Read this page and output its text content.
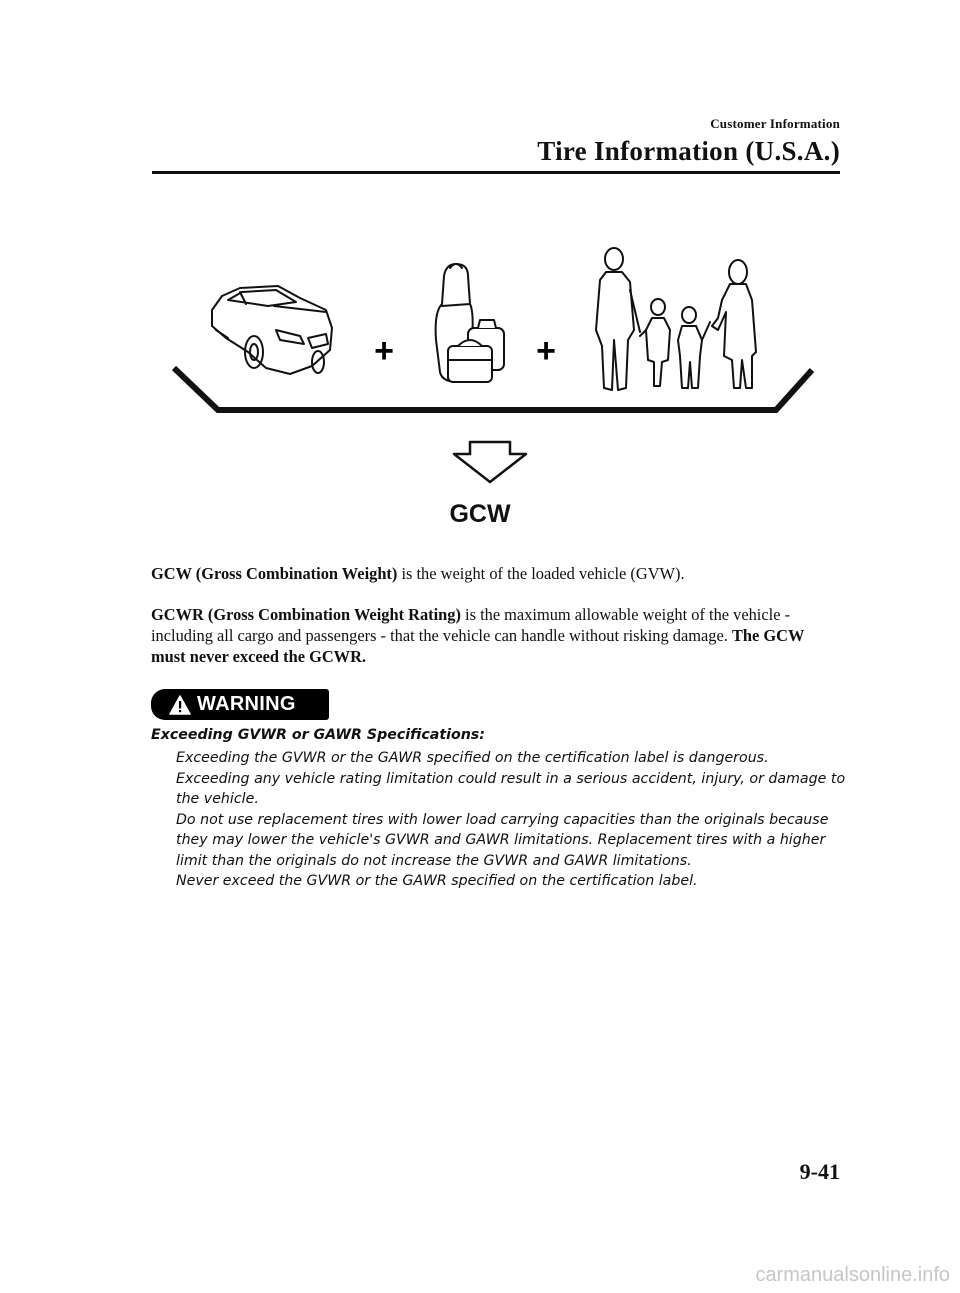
Customer Information
Tire Information (U.S.A.)
+	+
GCW
GCW (Gross Combination Weight) is the weight of the loaded vehicle (GVW).
GCWR (Gross Combination Weight Rating) is the maximum allowable weight of the vehicle - including all cargo and passengers - that the vehicle can handle without risking damage. The GCW must never exceed the GCWR.
WARNING
Exceeding GVWR or GAWR Specifications:

Exceeding the GVWR or the GAWR specified on the certification label is dangerous. Exceeding any vehicle rating limitation could result in a serious accident, injury, or damage to the vehicle.

Do not use replacement tires with lower load carrying capacities than the originals because they may lower the vehicle's GVWR and GAWR limitations. Replacement tires with a higher limit than the originals do not increase the GVWR and GAWR limitations.

Never exceed the GVWR or the GAWR specified on the certification label.

9-41
carmanualsonline.info
